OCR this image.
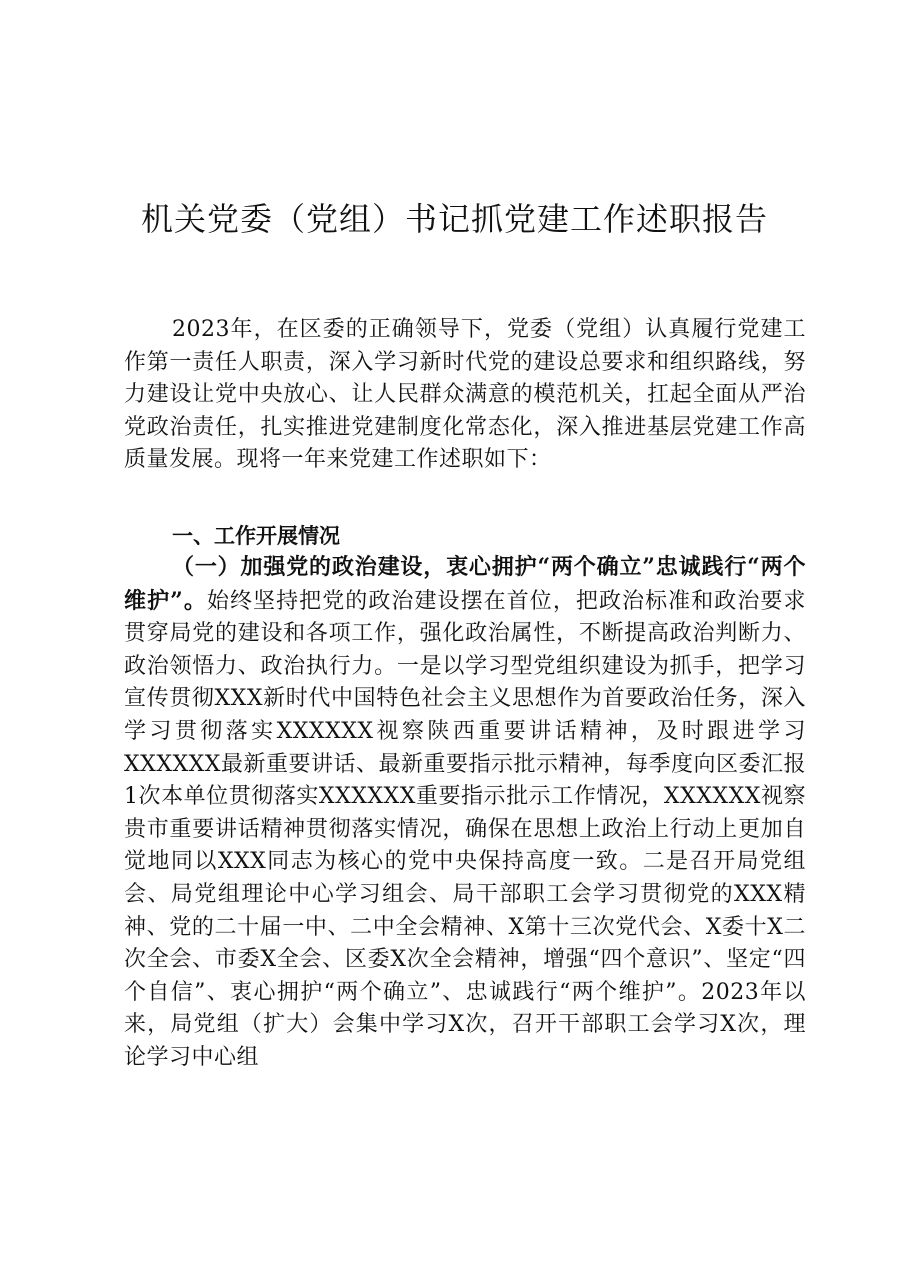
机关党委（党组）书记抓党建工作述职报告

2023年，在区委的正确领导下，党委（党组）认真履行党建工作第一责任人职责，深入学习新时代党的建设总要求和组织路线，努力建设让党中央放心、让人民群众满意的模范机关，扛起全面从严治党政治责任，扎实推进党建制度化常态化，深入推进基层党建工作高质量发展。现将一年来党建工作述职如下：

一、工作开展情况

（一）加强党的政治建设，衷心拥护“两个确立”忠诚践行“两个维护”。始终坚持把党的政治建设摆在首位，把政治标准和政治要求贯穿局党的建设和各项工作，强化政治属性，不断提高政治判断力、政治领悟力、政治执行力。一是以学习型党组织建设为抓手，把学习宣传贯彻XXX新时代中国特色社会主义思想作为首要政治任务，深入学习贯彻落实XXXXXX视察陕西重要讲话精神，及时跟进学习XXXXXX最新重要讲话、最新重要指示批示精神，每季度向区委汇报1次本单位贯彻落实XXXXXX重要指示批示工作情况，XXXXXX视察贵市重要讲话精神贯彻落实情况，确保在思想上政治上行动上更加自觉地同以XXX同志为核心的党中央保持高度一致。二是召开局党组会、局党组理论中心学习组会、局干部职工会学习贯彻党的XXX精神、党的二十届一中、二中全会精神、X第十三次党代会、X委十X二次全会、市委X全会、区委X次全会精神，增强“四个意识”、坚定“四个自信”、衷心拥护“两个确立”、忠诚践行“两个维护”。2023年以来，局党组（扩大）会集中学习X次，召开干部职工会学习X次，理论学习中心组
